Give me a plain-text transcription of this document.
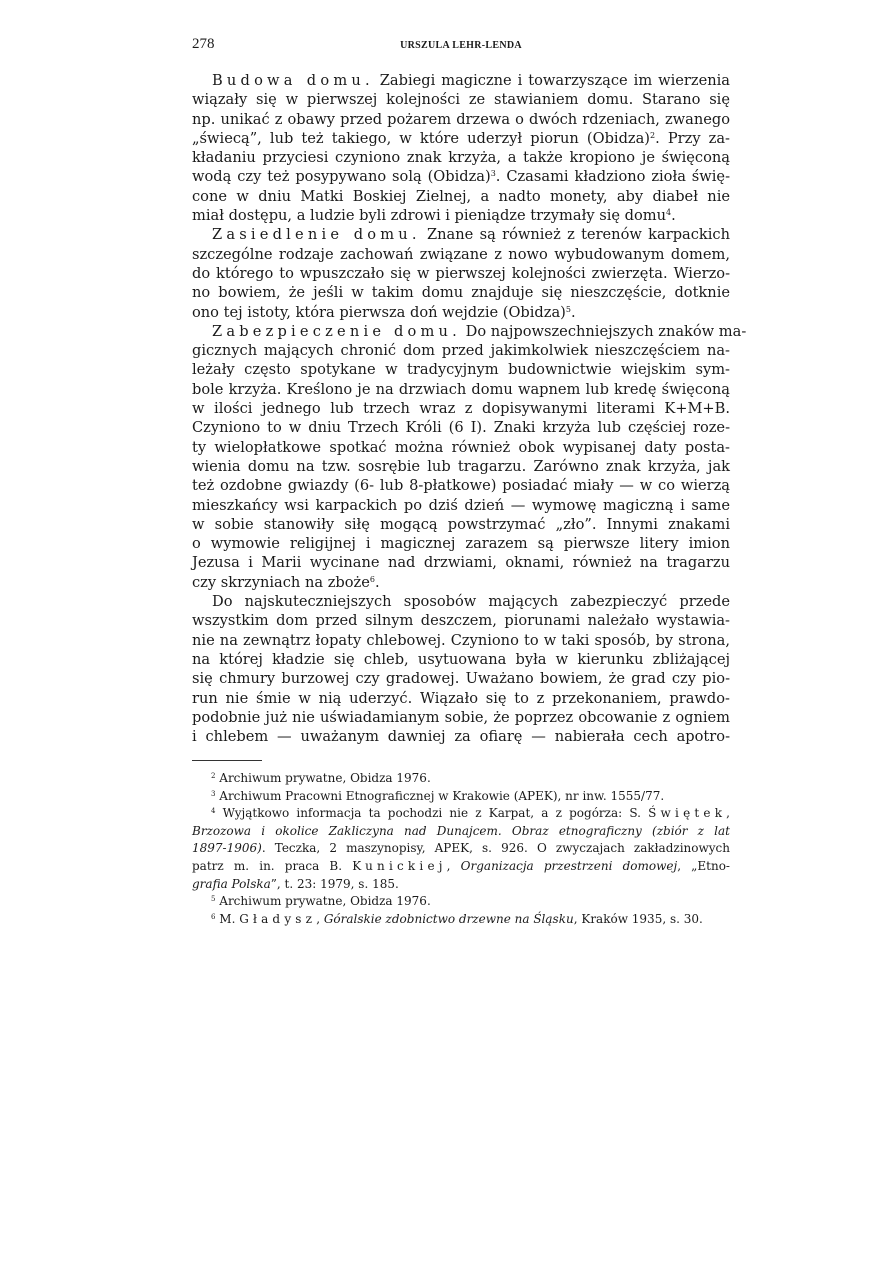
278	URSZULA LEHR-LENDA
Budowa domu. Zabiegi magiczne i towarzyszące im wierzenia
wiązały się w pierwszej kolejności ze stawianiem domu. Starano się
np. unikać z obawy przed pożarem drzewa o dwóch rdzeniach, zwanego
„świecą”, lub też takiego, w które uderzył piorun (Obidza)$^2$. Przy za-
kładaniu przyciesi czyniono znak krzyża, a także kropiono je święconą
wodą czy też posypywano solą (Obidza)$^3$. Czasami kładziono zioła świę-
cone w dniu Matki Boskiej Zielnej, a nadto monety, aby diabeł nie
miał dostępu, a ludzie byli zdrowi i pieniądze trzymały się domu$^4$.
Zasiedlenie domu. Znane są również z terenów karpackich
szczególne rodzaje zachowań związane z nowo wybudowanym domem,
do którego to wpuszczało się w pierwszej kolejności zwierzęta. Wierzo-
no bowiem, że jeśli w takim domu znajduje się nieszczęście, dotknie
ono tej istoty, która pierwsza doń wejdzie (Obidza)$^5$.
Zabezpieczenie domu. Do najpowszechniejszych znaków ma-
gicznych mających chronić dom przed jakimkolwiek nieszczęściem na-
leżały często spotykane w tradycyjnym budownictwie wiejskim sym-
bole krzyża. Kreślono je na drzwiach domu wapnem lub kredę święconą
w ilości jednego lub trzech wraz z dopisywanymi literami K+M+B.
Czyniono to w dniu Trzech Króli (6 I). Znaki krzyża lub częściej roze-
ty wielopłatkowe spotkać można również obok wypisanej daty posta-
wienia domu na tzw. sosrębie lub tragarzu. Zarówno znak krzyża, jak
też ozdobne gwiazdy (6- lub 8-płatkowe) posiadać miały — w co wierzą
mieszkańcy wsi karpackich po dziś dzień — wymowę magiczną i same
w sobie stanowiły siłę mogącą powstrzymać „zło”. Innymi znakami
o wymowie religijnej i magicznej zarazem są pierwsze litery imion
Jezusa i Marii wycinane nad drzwiami, oknami, również na tragarzu
czy skrzyniach na zboże$^6$.
Do najskuteczniejszych sposobów mających zabezpieczyć przede
wszystkim dom przed silnym deszczem, piorunami należało wystawia-
nie na zewnątrz łopaty chlebowej. Czyniono to w taki sposób, by strona,
na której kładzie się chleb, usytuowana była w kierunku zbliżającej
się chmury burzowej czy gradowej. Uważano bowiem, że grad czy pio-
run nie śmie w nią uderzyć. Wiązało się to z przekonaniem, prawdo-
podobnie już nie uświadamianym sobie, że poprzez obcowanie z ogniem
i chlebem — uważanym dawniej za ofiarę — nabierała cech apotro-
$^2$ Archiwum prywatne, Obidza 1976.
$^3$ Archiwum Pracowni Etnograficznej w Krakowie (APEK), nr inw. 1555/77.
$^4$ Wyjątkowo informacja ta pochodzi nie z Karpat, a z pogórza: S. Świętek,
Brzozowa i okolice Zakliczyna nad Dunajcem. Obraz etnograficzny (zbiór z lat
1897-1906). Teczka, 2 maszynopisy, APEK, s. 926. O zwyczajach zakładzinowych
patrz m. in. praca B. Kunickiej, Organizacja przestrzeni domowej, „Etno-
grafia Polska”, t. 23: 1979, s. 185.
$^5$ Archiwum prywatne, Obidza 1976.
$^6$ M. Gładysz, Góralskie zdobnictwo drzewne na Śląsku, Kraków 1935, s. 30.
